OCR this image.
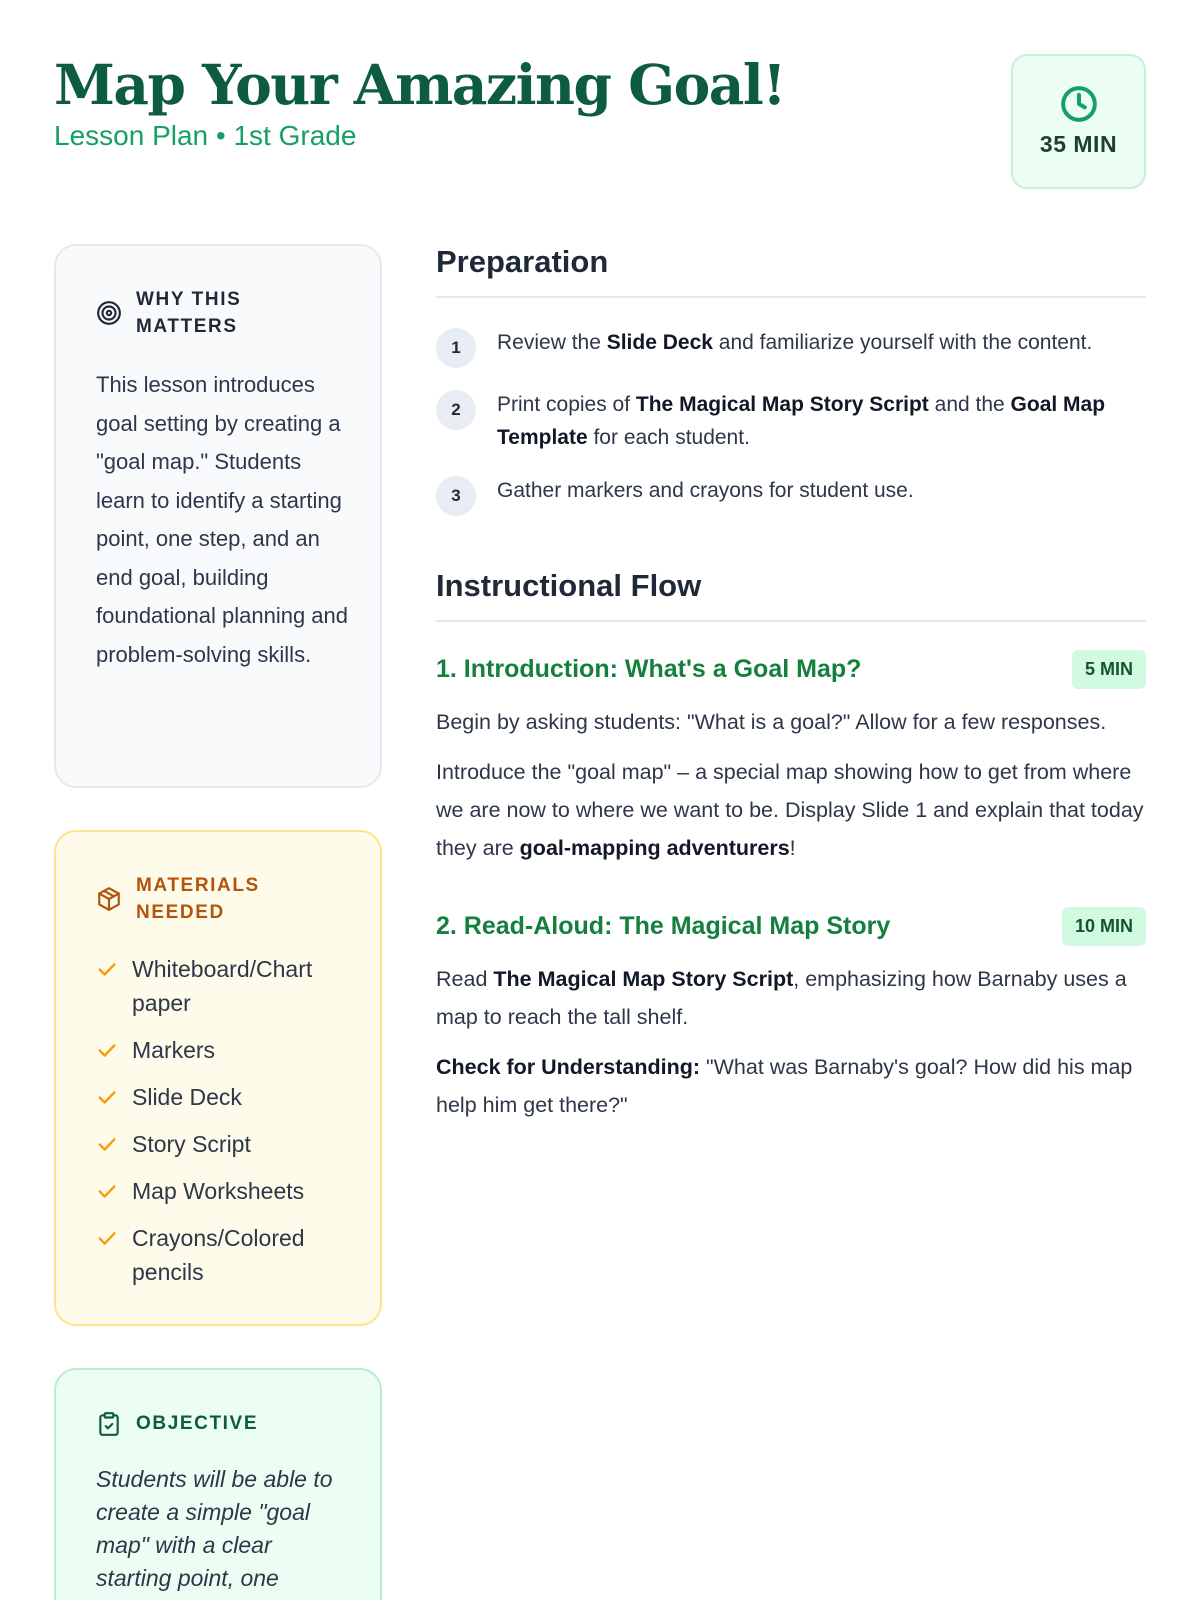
Map Your Amazing Goal!
Lesson Plan • 1st Grade	35 MIN
WHY THIS MATTERS

This lesson introduces goal setting by creating a "goal map." Students learn to identify a starting point, one step, and an end goal, building foundational planning and problem-solving skills.

MATERIALS NEEDED
Whiteboard/Chart paper
Markers
Slide Deck
Story Script
Map Worksheets
Crayons/Colored pencils
OBJECTIVE

Students will be able to create a simple "goal map" with a clear starting point, one

Preparation
1	Review the Slide Deck and familiarize yourself with the content.
2	Print copies of The Magical Map Story Script and the Goal Map Template for each student.
3	Gather markers and crayons for student use.
Instructional Flow
1. Introduction: What's a Goal Map?	5 MIN

Begin by asking students: "What is a goal?" Allow for a few responses.

Introduce the "goal map" – a special map showing how to get from where we are now to where we want to be. Display Slide 1 and explain that today they are goal-mapping adventurers!

2. Read-Aloud: The Magical Map Story	10 MIN

Read The Magical Map Story Script, emphasizing how Barnaby uses a map to reach the tall shelf.

Check for Understanding: "What was Barnaby's goal? How did his map help him get there?"
